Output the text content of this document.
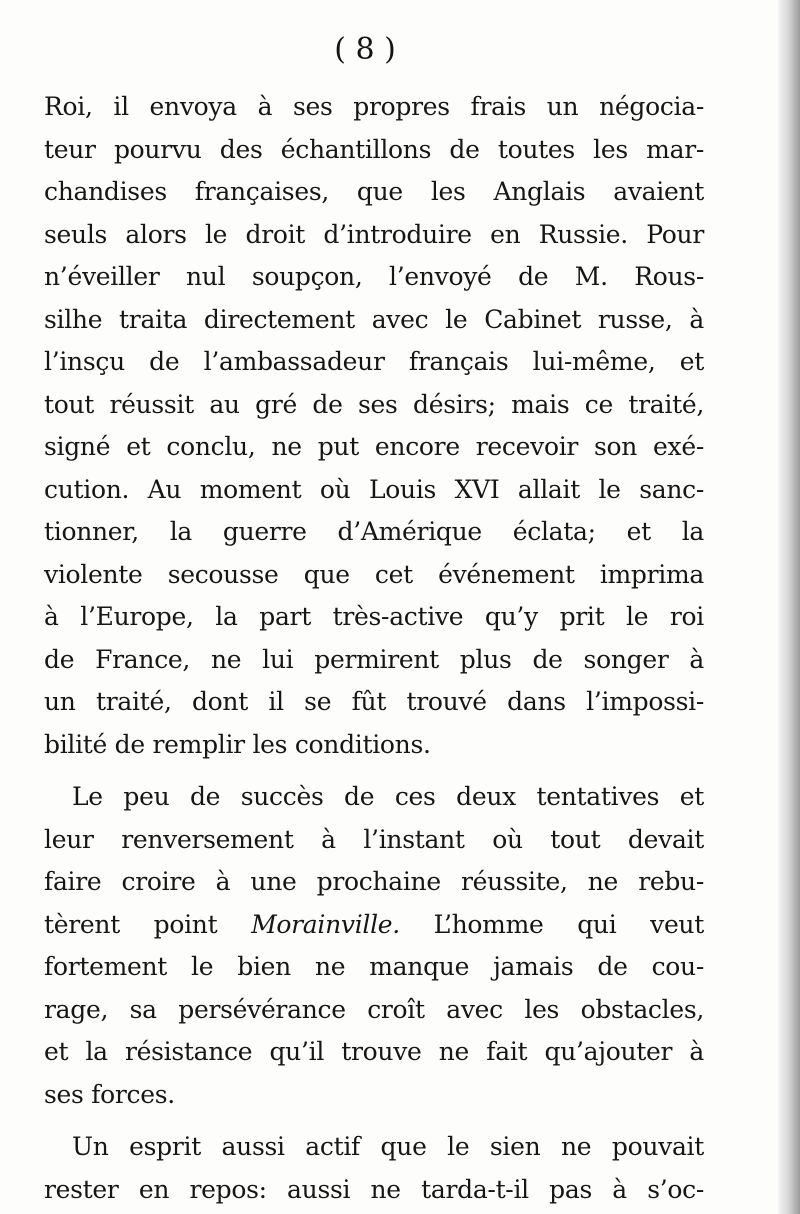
( 8 )

Roi, il envoya à ses propres frais un négocia-
teur pourvu des échantillons de toutes les mar-
chandises françaises, que les Anglais avaient
seuls alors le droit d’introduire en Russie. Pour
n’éveiller nul soupçon, l’envoyé de M. Rous-
silhe traita directement avec le Cabinet russe, à
l’insçu de l’ambassadeur français lui-même, et
tout réussit au gré de ses désirs; mais ce traité,
signé et conclu, ne put encore recevoir son exé-
cution. Au moment où Louis XVI allait le sanc-
tionner, la guerre d’Amérique éclata; et la
violente secousse que cet événement imprima
à l’Europe, la part très-active qu’y prit le roi
de France, ne lui permirent plus de songer à
un traité, dont il se fût trouvé dans l’impossi-
bilité de remplir les conditions.
Le peu de succès de ces deux tentatives et
leur renversement à l’instant où tout devait
faire croire à une prochaine réussite, ne rebu-
tèrent point Morainville. L’homme qui veut
fortement le bien ne manque jamais de cou-
rage, sa persévérance croît avec les obstacles,
et la résistance qu’il trouve ne fait qu’ajouter à
ses forces.
Un esprit aussi actif que le sien ne pouvait
rester en repos: aussi ne tarda-t-il pas à s’oc-
